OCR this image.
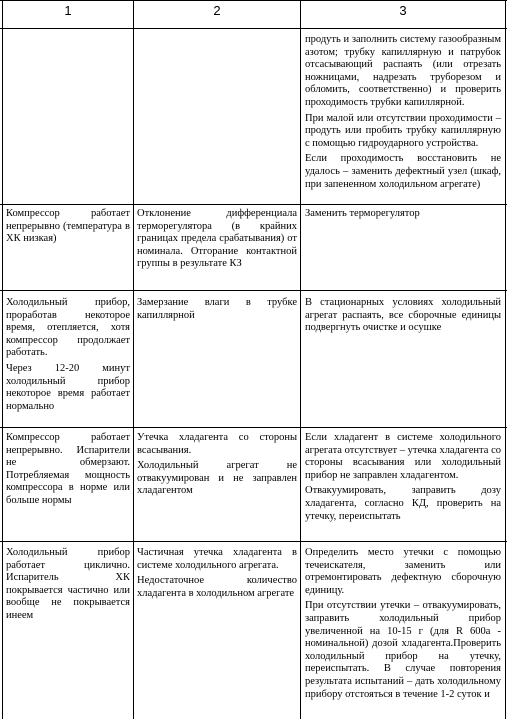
1	2	3

продуть и заполнить систему газообразным азотом; трубку капиллярную и патрубок отсасывающий распаять (или отрезать ножницами, надрезать труборезом и обломить, соответственно) и проверить проходимость трубки капиллярной.

При малой или отсутствии проходимости – продуть или пробить трубку капиллярную с помощью гидроударного устройства.

Если проходимость восстановить не удалось – заменить дефектный узел (шкаф, при запененном холодильном агрегате)

Компрессор работает непрерывно (температура в ХК низкая)

Отклонение дифференциала терморегулятора (в крайних границах предела срабатывания) от номинала. Отгорание контактной группы в результате КЗ

Заменить терморегулятор

Холодильный прибор, проработав некоторое время, отепляется, хотя компрессор продолжает работать.

Через 12-20 минут холодильный прибор некоторое время работает нормально

Замерзание влаги в трубке капиллярной

В стационарных условиях холодильный агрегат распаять, все сборочные единицы подвергнуть очистке и осушке

Компрессор работает непрерывно. Испарители не обмерзают. Потребляемая мощность компрессора в норме или больше нормы

Утечка хладагента со стороны всасывания.

Холодильный агрегат не отвакуумирован и не заправлен хладагентом

Если хладагент в системе холодильного агрегата отсутствует – утечка хладагента со стороны всасывания или холодильный прибор не заправлен хладагентом.

Отвакуумировать, заправить дозу хладагента, согласно КД, проверить на утечку, переиспытать

Холодильный прибор работает циклично. Испаритель ХК покрывается частично или вообще не покрывается инеем

Частичная утечка хладагента в системе холодильного агрегата.

Недостаточное количество хладагента в холодильном агрегате

Определить место утечки с помощью течеискателя, заменить или отремонтировать дефектную сборочную единицу.

При отсутствии утечки – отвакуумировать, заправить холодильный прибор увеличенной на 10-15 г (для R 600а - номинальной) дозой хладагента.Проверить холодильный прибор на утечку, переиспытать. В случае повторения результата испытаний – дать холодильному прибору отстояться в течение 1-2 суток и
